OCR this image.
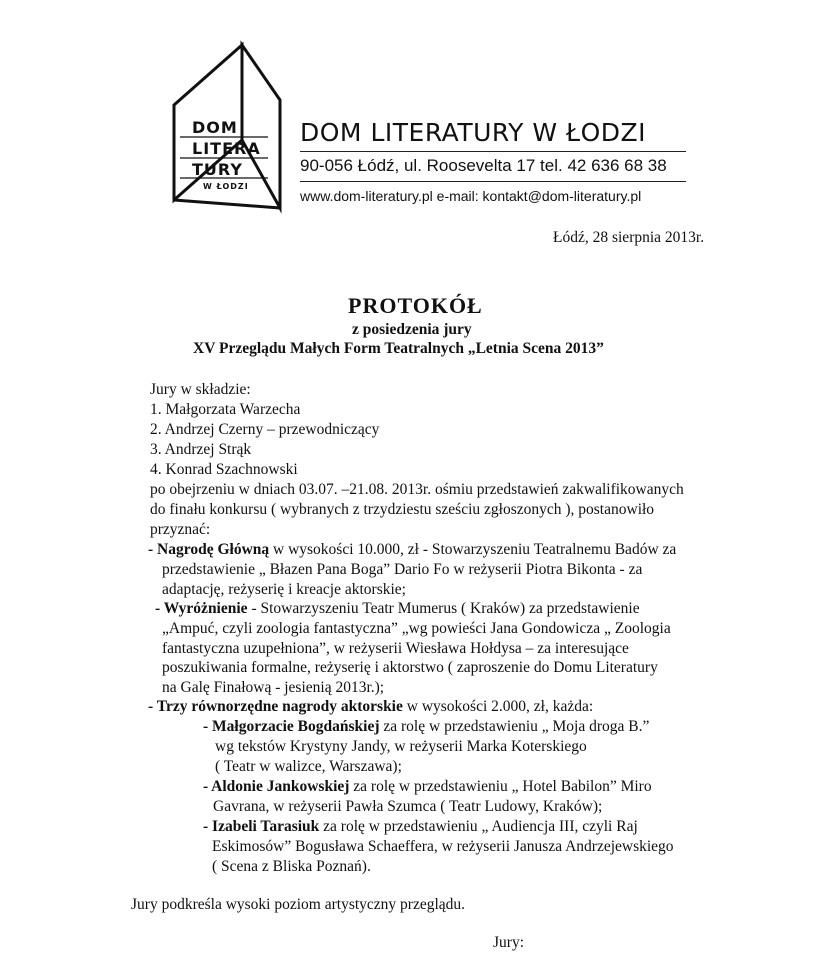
DOM
LITERA
TURY
W ŁODZI
DOM LITERATURY W ŁODZI
90-056 Łódź, ul. Roosevelta 17 tel. 42 636 68 38
www.dom-literatury.pl e-mail: kontakt@dom-literatury.pl
Łódź, 28 sierpnia 2013r.
PROTOKÓŁ
z posiedzenia jury
XV Przeglądu Małych Form Teatralnych „Letnia Scena 2013”
Jury w składzie:
1. Małgorzata Warzecha
2. Andrzej Czerny – przewodniczący
3. Andrzej Strąk
4. Konrad Szachnowski
po obejrzeniu w dniach 03.07. –21.08. 2013r. ośmiu przedstawień zakwalifikowanych
do finału konkursu ( wybranych z trzydziestu sześciu zgłoszonych ), postanowiło
przyznać:
- Nagrodę Główną w wysokości 10.000, zł - Stowarzyszeniu Teatralnemu Badów za
przedstawienie „ Błazen Pana Boga” Dario Fo w reżyserii Piotra Bikonta - za
adaptację, reżyserię i kreacje aktorskie;
- Wyróżnienie - Stowarzyszeniu Teatr Mumerus ( Kraków) za przedstawienie
„Ampuć, czyli zoologia fantastyczna” „wg powieści Jana Gondowicza „ Zoologia
fantastyczna uzupełniona”, w reżyserii Wiesława Hołdysa – za interesujące
poszukiwania formalne, reżyserię i aktorstwo ( zaproszenie do Domu Literatury
na Galę Finałową - jesienią 2013r.);
- Trzy równorzędne nagrody aktorskie w wysokości 2.000, zł, każda:
- Małgorzacie Bogdańskiej za rolę w przedstawieniu „ Moja droga B.”
wg tekstów Krystyny Jandy, w reżyserii Marka Koterskiego
( Teatr w walizce, Warszawa);
- Aldonie Jankowskiej za rolę w przedstawieniu „ Hotel Babilon” Miro
Gavrana, w reżyserii Pawła Szumca ( Teatr Ludowy, Kraków);
- Izabeli Tarasiuk za rolę w przedstawieniu „ Audiencja III, czyli Raj
Eskimosów” Bogusława Schaeffera, w reżyserii Janusza Andrzejewskiego
( Scena z Bliska Poznań).
Jury podkreśla wysoki poziom artystyczny przeglądu.
Jury:
